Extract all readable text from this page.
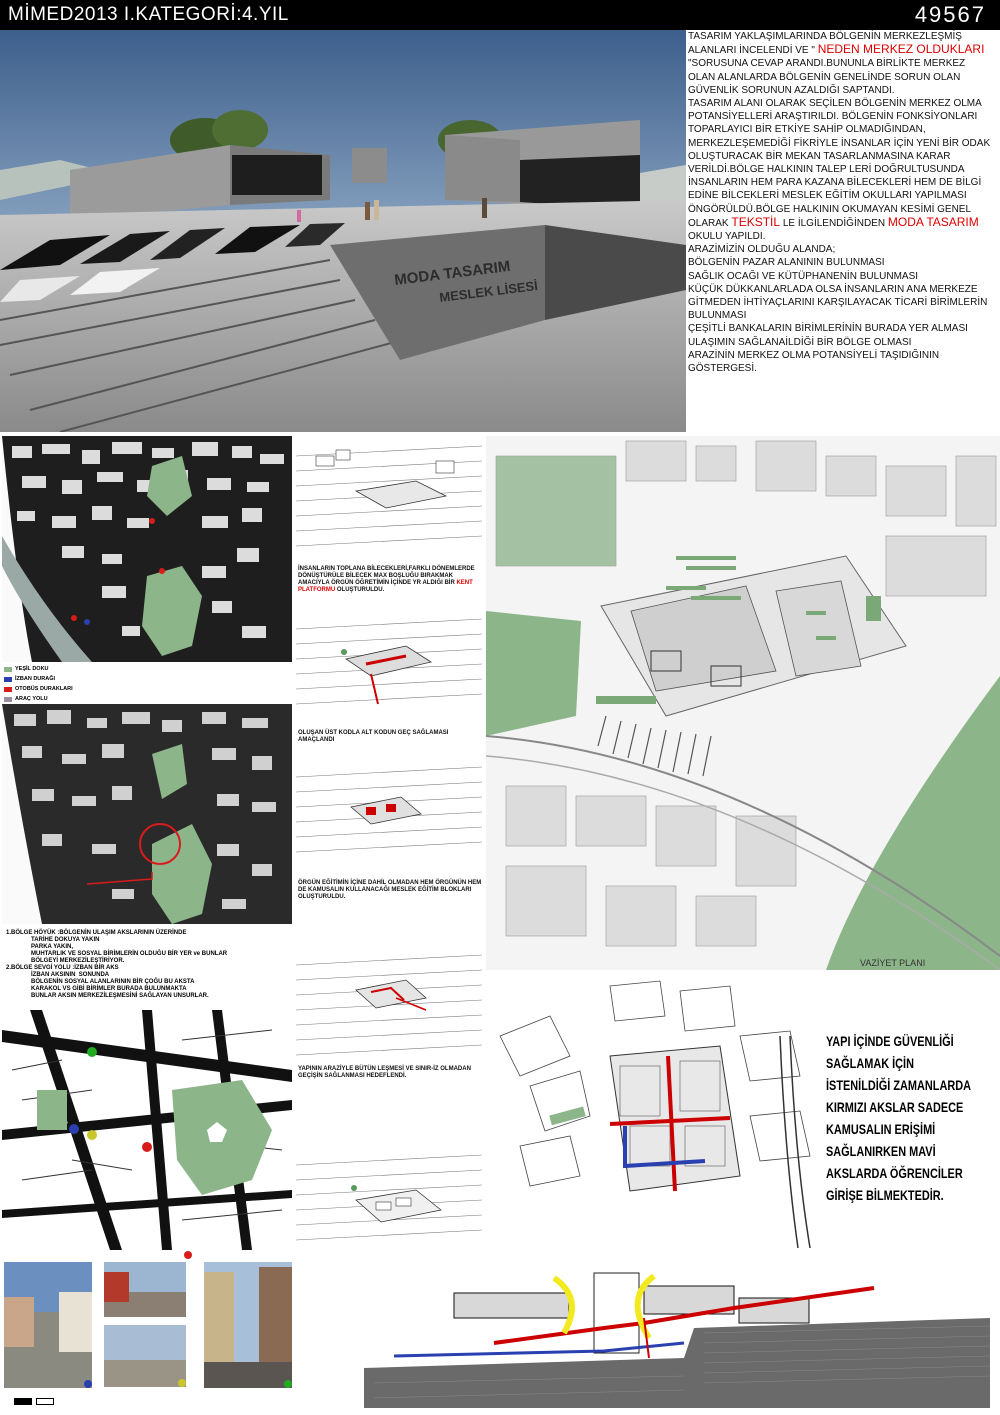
MİMED2013 I.KATEGORİ:4.YIL	49567
MODA TASARIM
MESLEK LİSESİ

TASARIM YAKLAŞIMLARINDA BÖLGENİN MERKEZLEŞMİŞ ALANLARI İNCELENDİ VE " NEDEN MERKEZ OLDUKLARI "SORUSUNA CEVAP ARANDI.BUNUNLA BİRLİKTE MERKEZ OLAN ALANLARDA BÖLGENİN GENELİNDE SORUN OLAN GÜVENLİK SORUNUN AZALDIĞI SAPTANDI.

TASARIM ALANI OLARAK SEÇİLEN BÖLGENİN MERKEZ OLMA POTANSİYELLERİ ARAŞTIRILDI. BÖLGENİN FONKSİYONLARI TOPARLAYICI BİR ETKİYE SAHİP OLMADIĞINDAN, MERKEZLEŞEMEDİĞİ FİKRİYLE İNSANLAR İÇİN YENİ BİR ODAK OLUŞTURACAK BİR MEKAN TASARLANMASINA KARAR VERİLDİ.BÖLGE HALKININ TALEP LERİ DOĞRULTUSUNDA İNSANLARIN HEM PARA KAZANA BİLECEKLERİ HEM DE BİLGİ EDİNE BİLCEKLERİ MESLEK EĞİTİM OKULLARI YAPILMASI ÖNGÖRÜLDÜ.BÖLGE HALKININ OKUMAYAN KESİMİ GENEL OLARAK TEKSTİL LE İLGİLENDİĞİNDEN MODA TASARIM OKULU YAPILDI.

ARAZİMİZİN OLDUĞU ALANDA;

BÖLGENİN PAZAR ALANININ BULUNMASI

SAĞLIK OCAĞI VE KÜTÜPHANENİN BULUNMASI

KÜÇÜK DÜKKANLARLADA OLSA İNSANLARIN ANA MERKEZE

GİTMEDEN İHTİYAÇLARINI KARŞILAYACAK TİCARİ BİRİMLERİN BULUNMASI

ÇEŞİTLİ BANKALARIN BİRİMLERİNİN BURADA YER ALMASI

ULAŞIMIN SAĞLANAİLDİĞİ BİR BÖLGE OLMASI

ARAZİNİN MERKEZ OLMA POTANSİYELİ TAŞIDIĞININ GÖSTERGESİ.

YEŞİL DOKU
İZBAN DURAĞI
OTOBÜS DURAKLARI
ARAÇ YOLU
1.BÖLGE HÖYÜK :BÖLGENİN ULAŞIM AKSLARININ ÜZERİNDE
TARİHE DOKUYA YAKIN
PARKA YAKIN,
MUHTARLIK VE SOSYAL BİRİMLERİN OLDUĞU BİR YER ve BUNLAR
BÖLGEYİ MERKEZİLEŞTİRİYOR.
2.BÖLGE SEVGİ YOLU :İZBAN BİR AKS
İZBAN AKSININ  SONUNDA
BÖLGENİN SOSYAL ALANLARININ BİR ÇOĞU BU AKSTA
KARAKOL VS GİBİ BİRİMLER BURADA BULUNMAKTA
BUNLAR AKSIN MERKEZİLEŞMESİNİ SAĞLAYAN UNSURLAR.
İNSANLARIN TOPLANA BİLECEKLERİ,FARKLI DÖNEMLERDE DÖNÜŞTÜRÜLE BİLECEK MAX BOŞLUĞU BIRAKMAK AMACIYLA ÖRGÜN ÖĞRETİMİN İÇİNDE YR ALDIĞI BİR KENT PLATFORMU OLUŞTURULDU.
OLUŞAN ÜST KODLA ALT KODUN GEÇ SAĞLAMASI AMAÇLANDI
ÖRGÜN EĞİTİMİN İÇİNE DAHİL OLMADAN HEM ÖRGÜNÜN HEM DE KAMUSALIN KULLANACAĞI MESLEK EĞİTİM BLOKLARI OLUŞTURULDU.
YAPININ ARAZİYLE BÜTÜN LEŞMESİ VE SINIR-İZ OLMADAN GEÇİŞİN SAĞLANMASI HEDEFLENDİ.
VAZİYET PLANI
YAPI İÇİNDE GÜVENLİĞİ
SAĞLAMAK İÇİN
İSTENİLDİĞİ ZAMANLARDA
KIRMIZI AKSLAR SADECE
KAMUSALIN ERİŞİMİ
SAĞLANIRKEN MAVİ
AKSLARDA ÖĞRENCİLER
GİRİŞE BİLMEKTEDİR.
